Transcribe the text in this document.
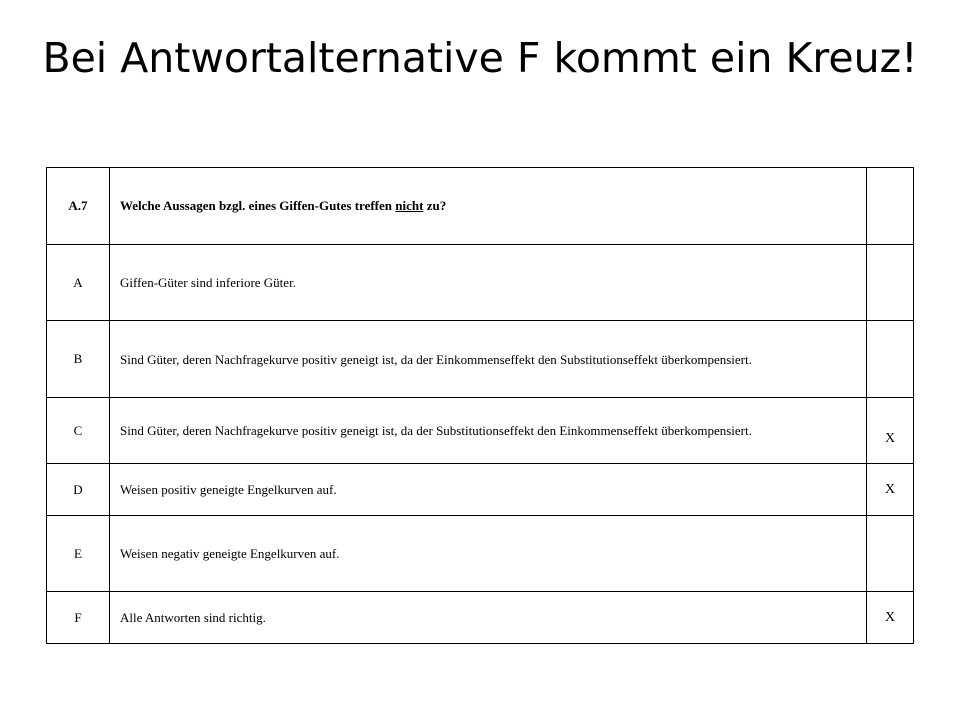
Bei Antwortalternative F kommt ein Kreuz!
A.7	Welche Aussagen bzgl. eines Giffen-Gutes treffen nicht zu?	
A	Giffen-Güter sind inferiore Güter.	
B	Sind Güter, deren Nachfragekurve positiv geneigt ist, da der Einkommenseffekt den Substitutionseffekt überkompensiert.	

C	Sind Güter, deren Nachfragekurve positiv geneigt ist, da der Substitutionseffekt den Einkommenseffekt überkompensiert.	X
D	Weisen positiv geneigte Engelkurven auf.	X
E	Weisen negativ geneigte Engelkurven auf.	
F	Alle Antworten sind richtig.	X
